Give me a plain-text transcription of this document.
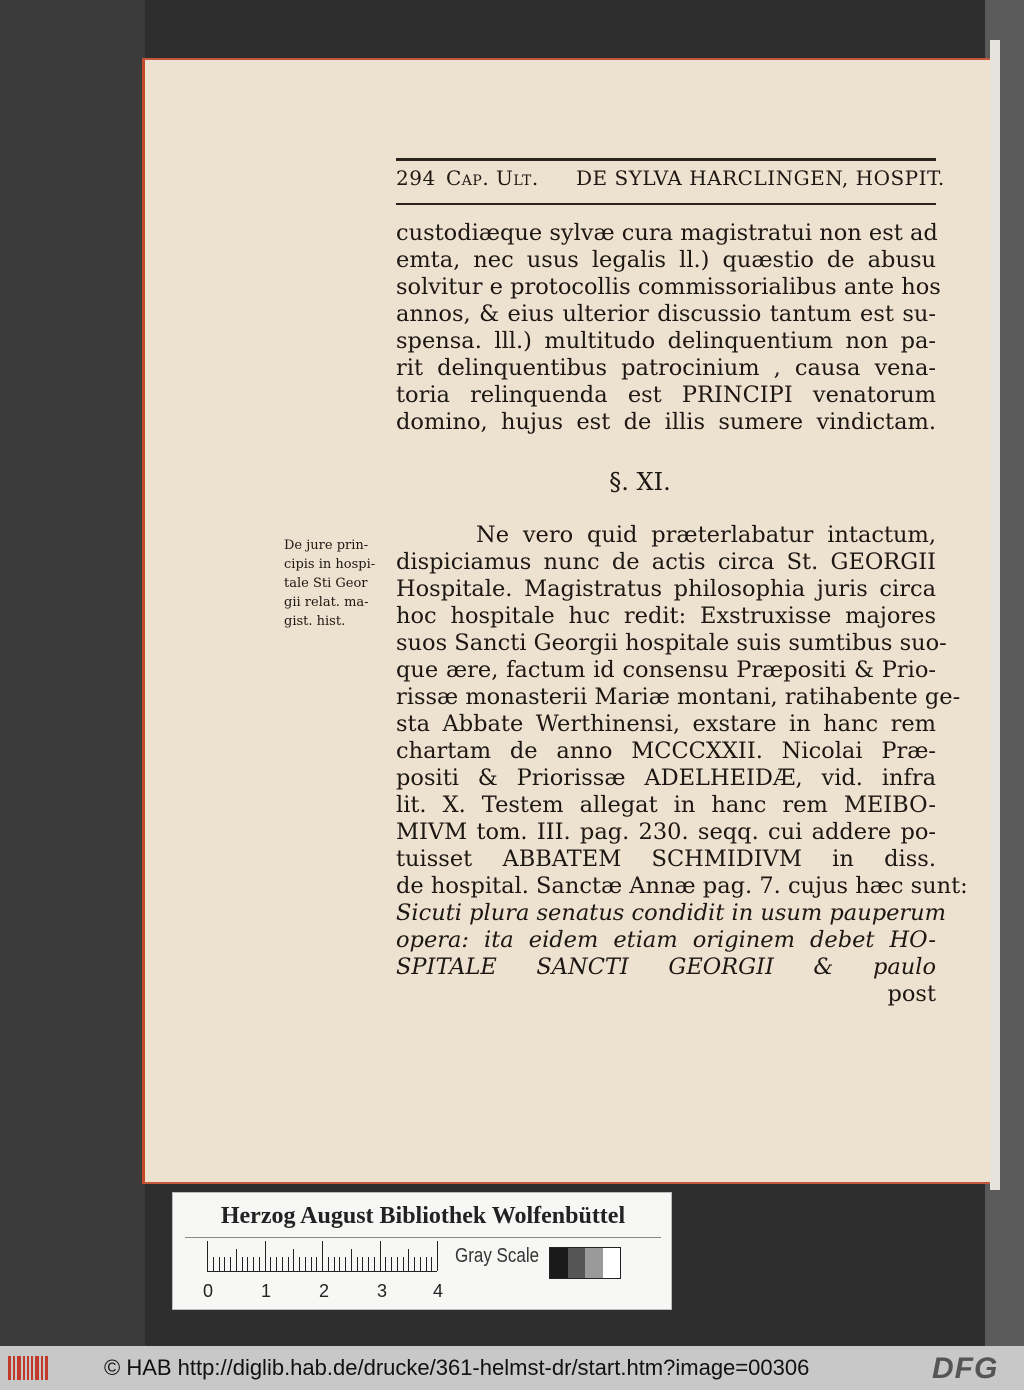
294 Cap. Ult. DE SYLVA HARCLINGEN, HOSPIT.
custodiæque sylvæ cura magistratui non est ad
emta, nec usus legalis ll.) quæstio de abusu
solvitur e protocollis commissorialibus ante hos
annos, & eius ulterior discussio tantum est su-
spensa. lll.) multitudo delinquentium non pa-
rit delinquentibus patrocinium , causa vena-
toria relinquenda est PRINCIPI venatorum
domino, hujus est de illis sumere vindictam.

§. XI.
De jure prin-
cipis in hospi-
tale Sti Geor
gii relat. ma-
gist. hist.
Ne vero quid præterlabatur intactum,
dispiciamus nunc de actis circa St. GEORGII
Hospitale. Magistratus philosophia juris circa
hoc hospitale huc redit: Exstruxisse majores
suos Sancti Georgii hospitale suis sumtibus suo-
que ære, factum id consensu Præpositi & Prio-
rissæ monasterii Mariæ montani, ratihabente ge-
sta Abbate Werthinensi, exstare in hanc rem
chartam de anno MCCCXXII. Nicolai Præ-
positi & Priorissæ ADELHEIDÆ, vid. infra
lit. X. Testem allegat in hanc rem MEIBO-
MIVM tom. III. pag. 230. seqq. cui addere po-
tuisset ABBATEM SCHMIDIVM in diss.
de hospital. Sanctæ Annæ pag. 7. cujus hæc sunt:
Sicuti plura senatus condidit in usum pauperum
opera: ita eidem etiam originem debet HO-
SPITALE SANCTI GEORGII & paulo
post
Herzog August Bibliothek Wolfenbüttel
0	1	2	3	4
Gray Scale
© HAB http://diglib.hab.de/drucke/361-helmst-dr/start.htm?image=00306	DFG
